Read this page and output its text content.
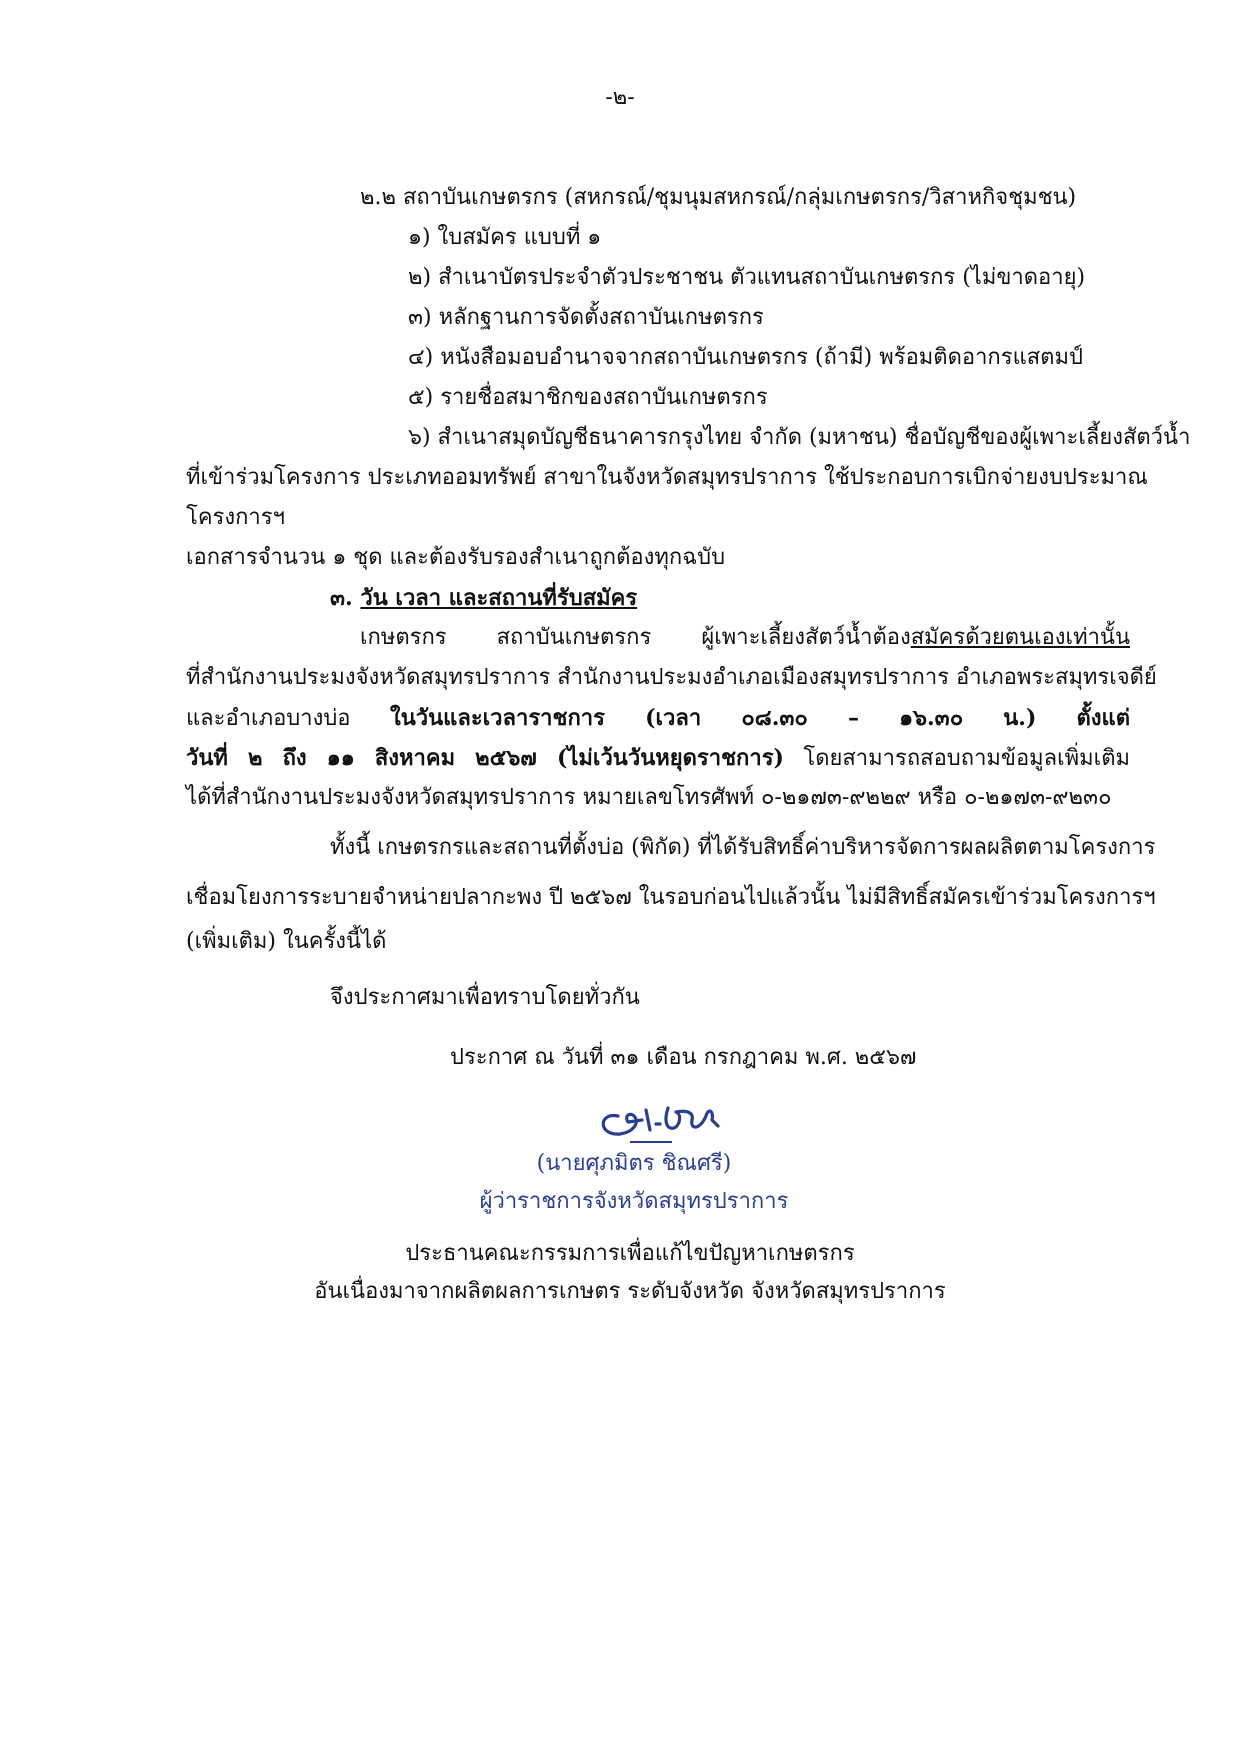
-๒-
๒.๒ สถาบันเกษตรกร (สหกรณ์/ชุมนุมสหกรณ์/กลุ่มเกษตรกร/วิสาหกิจชุมชน)
๑) ใบสมัคร แบบที่ ๑
๒) สำเนาบัตรประจำตัวประชาชน ตัวแทนสถาบันเกษตรกร (ไม่ขาดอายุ)
๓) หลักฐานการจัดตั้งสถาบันเกษตรกร
๔) หนังสือมอบอำนาจจากสถาบันเกษตรกร (ถ้ามี) พร้อมติดอากรแสตมป์
๕) รายชื่อสมาชิกของสถาบันเกษตรกร
๖) สำเนาสมุดบัญชีธนาคารกรุงไทย จำกัด (มหาชน) ชื่อบัญชีของผู้เพาะเลี้ยงสัตว์น้ำ
ที่เข้าร่วมโครงการ ประเภทออมทรัพย์ สาขาในจังหวัดสมุทรปราการ ใช้ประกอบการเบิกจ่ายงบประมาณ
โครงการฯ
เอกสารจำนวน ๑ ชุด และต้องรับรองสำเนาถูกต้องทุกฉบับ
๓. วัน เวลา และสถานที่รับสมัคร
เกษตรกร สถาบันเกษตรกร ผู้เพาะเลี้ยงสัตว์น้ำต้องสมัครด้วยตนเองเท่านั้น
ที่สำนักงานประมงจังหวัดสมุทรปราการ สำนักงานประมงอำเภอเมืองสมุทรปราการ อำเภอพระสมุทรเจดีย์
และอำเภอบางบ่อ ในวันและเวลาราชการ (เวลา ๐๘.๓๐ – ๑๖.๓๐ น.) ตั้งแต่
วันที่ ๒ ถึง ๑๑ สิงหาคม ๒๕๖๗ (ไม่เว้นวันหยุดราชการ) โดยสามารถสอบถามข้อมูลเพิ่มเติม
ได้ที่สำนักงานประมงจังหวัดสมุทรปราการ หมายเลขโทรศัพท์ ๐-๒๑๗๓-๙๒๒๙ หรือ ๐-๒๑๗๓-๙๒๓๐
ทั้งนี้ เกษตรกรและสถานที่ตั้งบ่อ (พิกัด) ที่ได้รับสิทธิ์ค่าบริหารจัดการผลผลิตตามโครงการ
เชื่อมโยงการระบายจำหน่ายปลากะพง ปี ๒๕๖๗ ในรอบก่อนไปแล้วนั้น ไม่มีสิทธิ์สมัครเข้าร่วมโครงการฯ
(เพิ่มเติม) ในครั้งนี้ได้
จึงประกาศมาเพื่อทราบโดยทั่วกัน
ประกาศ ณ วันที่ ๓๑ เดือน กรกฎาคม พ.ศ. ๒๕๖๗
(นายศุภมิตร ชิณศรี)
ผู้ว่าราชการจังหวัดสมุทรปราการ
ประธานคณะกรรมการเพื่อแก้ไขปัญหาเกษตรกร
อันเนื่องมาจากผลิตผลการเกษตร ระดับจังหวัด จังหวัดสมุทรปราการ
